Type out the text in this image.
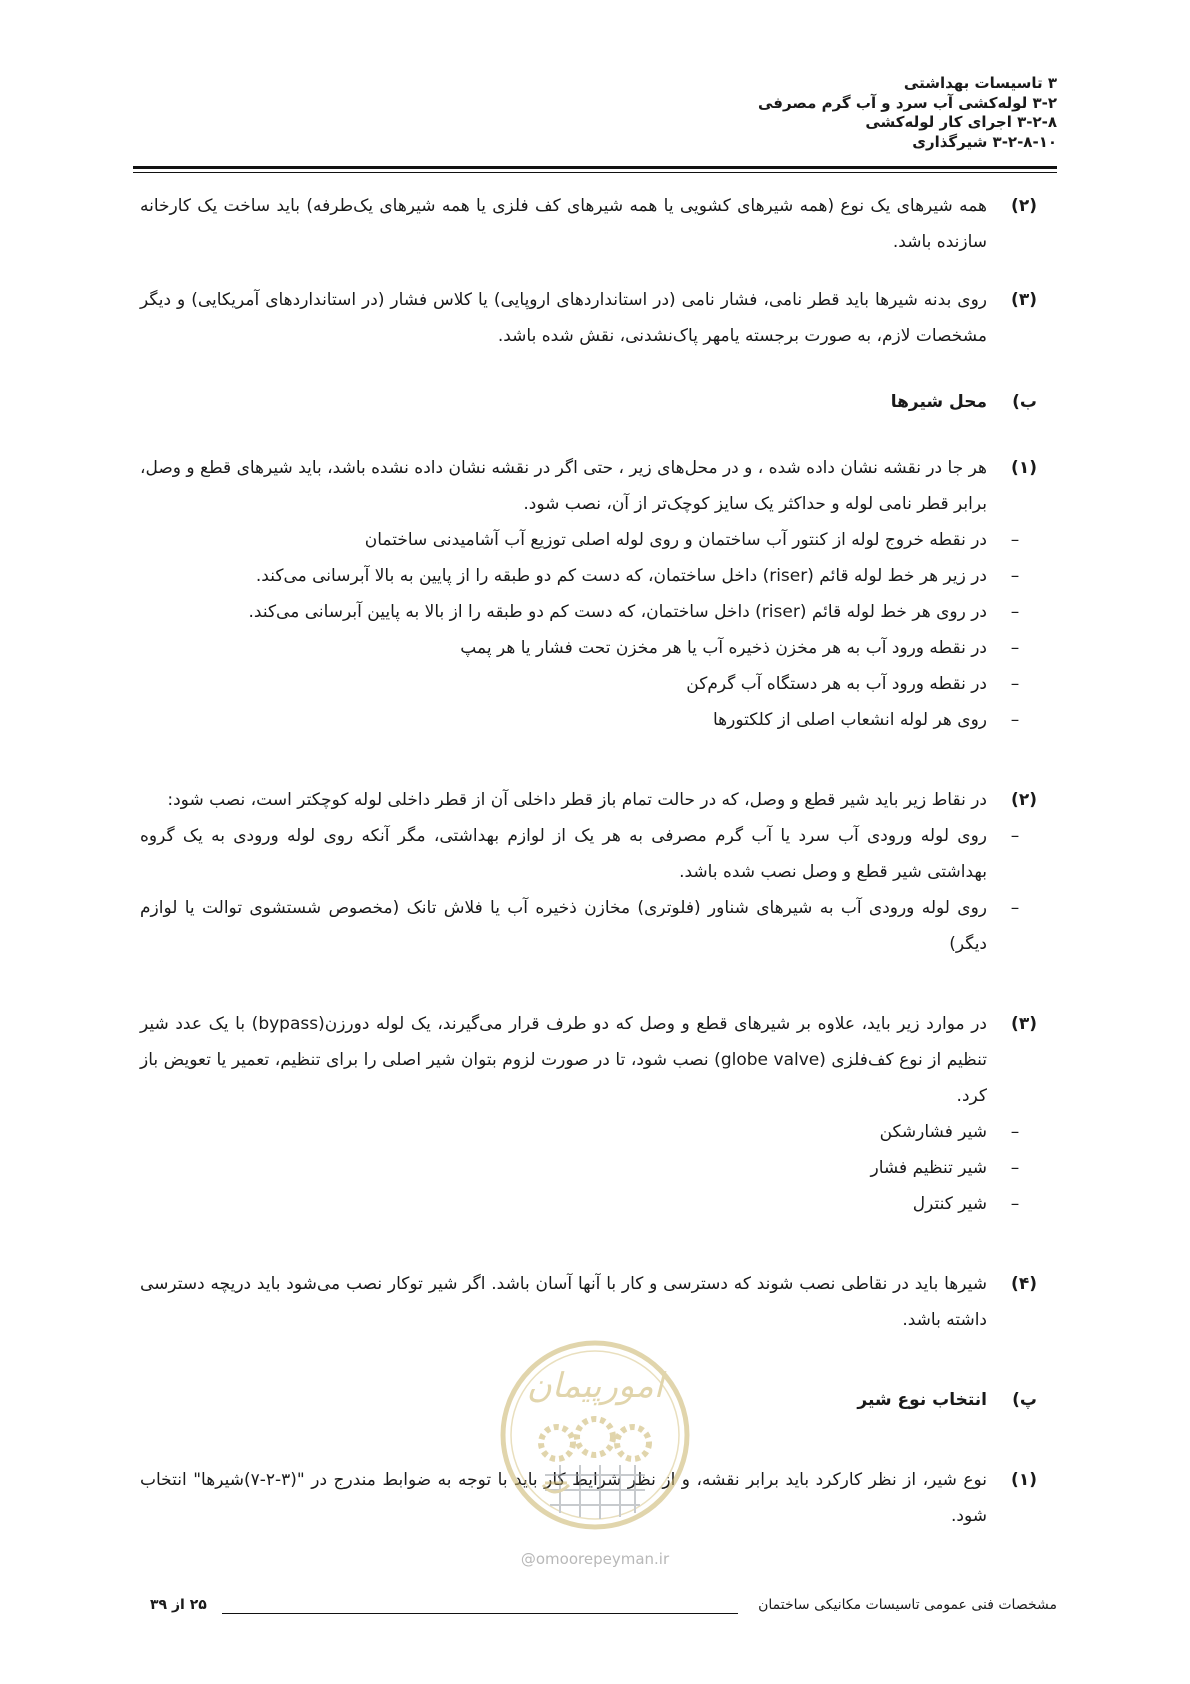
۳ تاسیسات بهداشتی
۳-۲ لوله‌کشی آب سرد و آب گرم مصرفی
۳-۲-۸ اجرای کار لوله‌کشی
۳-۲-۸-۱۰ شیرگذاری
(۲)
همه شیرهای یک نوع (همه شیرهای کشویی یا همه شیرهای کف فلزی یا همه شیرهای یک‌طرفه) باید ساخت یک کارخانه سازنده باشد.
(۳)
روی بدنه شیرها باید قطر نامی، فشار نامی (در استانداردهای اروپایی) یا کلاس فشار (در استانداردهای آمریکایی) و دیگر مشخصات لازم، به صورت برجسته یامهر پاک‌نشدنی، نقش شده باشد.
ب)
محل شیرها
(۱)
هر جا در نقشه نشان داده شده ، و در محل‌های زیر ، حتی اگر در نقشه نشان داده نشده باشد، باید شیرهای قطع و وصل، برابر قطر نامی لوله و حداکثر یک سایز کوچک‌تر از آن، نصب شود.
–
در نقطه خروج لوله از کنتور آب ساختمان و روی لوله اصلی توزیع آب آشامیدنی ساختمان
–
در زیر هر خط لوله قائم (riser) داخل ساختمان، که دست کم دو طبقه را از پایین به بالا آبرسانی می‌کند.
–
در روی هر خط لوله قائم (riser) داخل ساختمان، که دست کم دو طبقه را از بالا به پایین آبرسانی می‌کند.
–
در نقطه ورود آب به هر مخزن ذخیره آب یا هر مخزن تحت فشار یا هر پمپ
–
در نقطه ورود آب به هر دستگاه آب گرم‌کن
–
روی هر لوله انشعاب اصلی از کلکتورها
(۲)
در نقاط زیر باید شیر قطع و وصل، که در حالت تمام باز قطر داخلی آن از قطر داخلی لوله کوچکتر است، نصب شود:
–
روی لوله ورودی آب سرد یا آب گرم مصرفی به هر یک از لوازم بهداشتی، مگر آنکه روی لوله ورودی به یک گروه بهداشتی شیر قطع و وصل نصب شده باشد.
–
روی لوله ورودی آب به شیرهای شناور (فلوتری) مخازن ذخیره آب یا فلاش تانک (مخصوص شستشوی توالت یا لوازم دیگر)
(۳)
در موارد زیر باید، علاوه بر شیرهای قطع و وصل که دو طرف قرار می‌گیرند، یک لوله دورزن(bypass) با یک عدد شیر تنظیم از نوع کف‌فلزی (globe valve) نصب شود، تا در صورت لزوم بتوان شیر اصلی را برای تنظیم، تعمیر یا تعویض باز کرد.
–
شیر فشارشکن
–
شیر تنظیم فشار
–
شیر کنترل
(۴)
شیرها باید در نقاطی نصب شوند که دسترسی و کار با آنها آسان باشد. اگر شیر توکار نصب می‌شود باید دریچه دسترسی داشته باشد.
پ)
انتخاب نوع شیر
(۱)
نوع شیر، از نظر کارکرد باید برابر نقشه، و از نظر شرایط کار باید با توجه به ضوابط مندرج در "(۳-۲-۷)شیرها" انتخاب شود.
امورپیمان
@omoorepeyman.ir
مشخصات فنی عمومی تاسیسات مکانیکی ساختمان
۲۵ از ۳۹
